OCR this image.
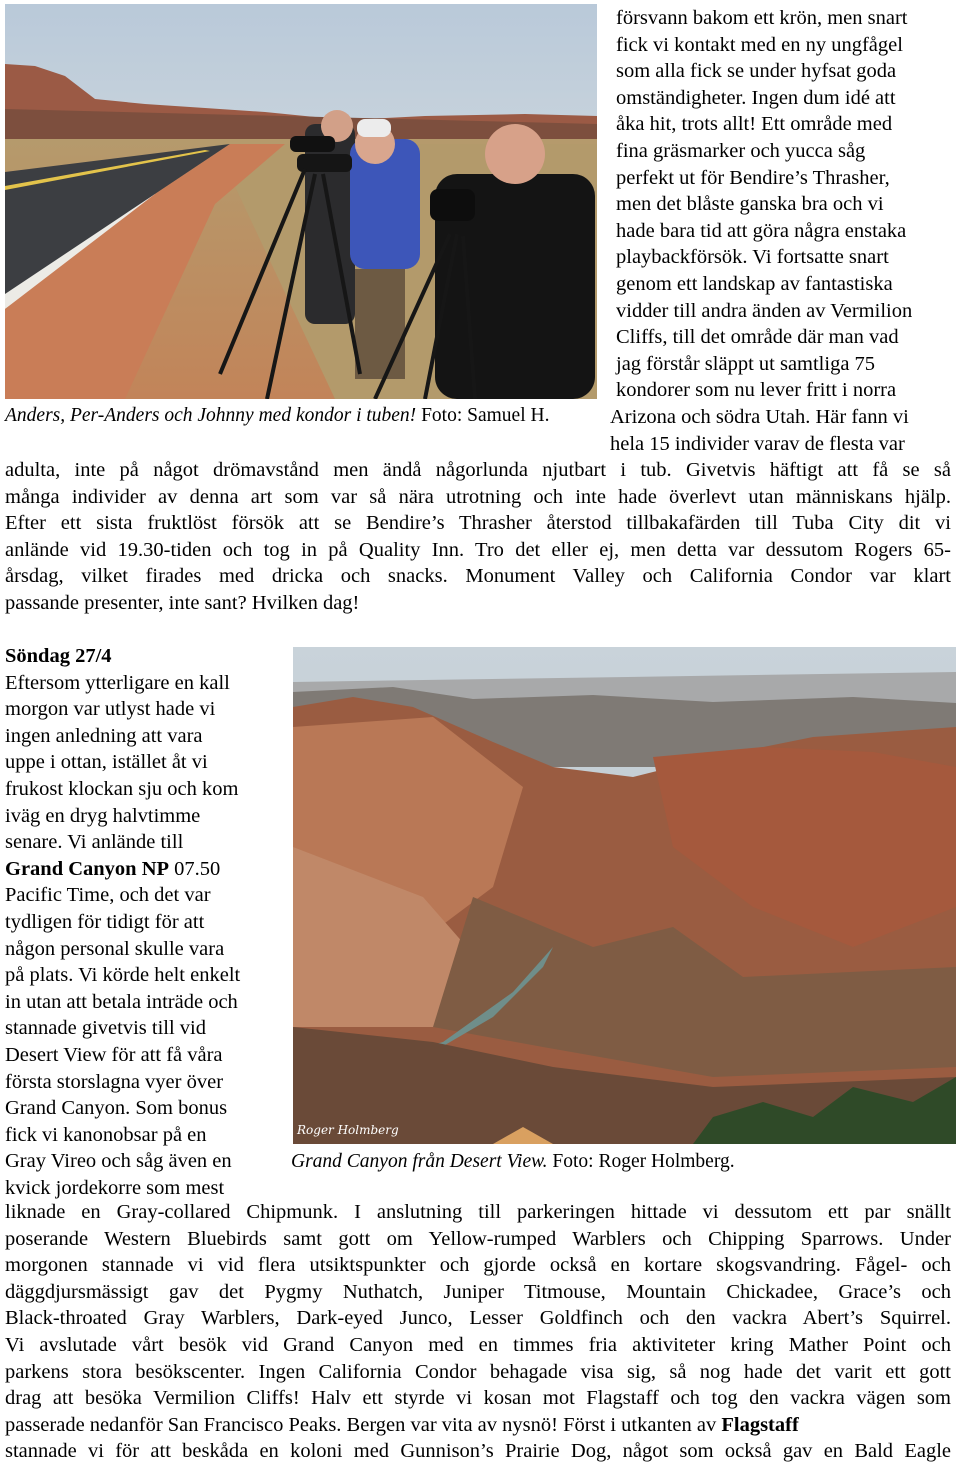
Anders, Per-Anders och Johnny med kondor i tuben! Foto: Samuel H.
försvann bakom ett krön, men snart
fick vi kontakt med en ny ungfågel
som alla fick se under hyfsat goda
omständigheter. Ingen dum idé att
åka hit, trots allt! Ett område med
fina gräsmarker och yucca såg
perfekt ut för Bendire’s Thrasher,
men det blåste ganska bra och vi
hade bara tid att göra några enstaka
playbackförsök. Vi fortsatte snart
genom ett landskap av fantastiska
vidder till andra änden av Vermilion
Cliffs, till det område där man vad
jag förstår släppt ut samtliga 75
kondorer som nu lever fritt i norra
Arizona och södra Utah. Här fann vi
hela 15 individer varav de flesta var
adulta, inte på något drömavstånd men ändå någorlunda njutbart i tub. Givetvis häftigt att få se så
många individer av denna art som var så nära utrotning och inte hade överlevt utan människans hjälp.
Efter ett sista fruktlöst försök att se Bendire’s Thrasher återstod tillbakafärden till Tuba City dit vi
anlände vid 19.30-tiden och tog in på Quality Inn. Tro det eller ej, men detta var dessutom Rogers 65-
årsdag, vilket firades med dricka och snacks. Monument Valley och California Condor var klart
passande presenter, inte sant? Hvilken dag!
Söndag 27/4
Eftersom ytterligare en kall
morgon var utlyst hade vi
ingen anledning att vara
uppe i ottan, istället åt vi
frukost klockan sju och kom
iväg en dryg halvtimme
senare. Vi anlände till
Grand Canyon NP 07.50
Pacific Time, och det var
tydligen för tidigt för att
någon personal skulle vara
på plats. Vi körde helt enkelt
in utan att betala inträde och
stannade givetvis till vid
Desert View för att få våra
första storslagna vyer över
Grand Canyon. Som bonus
fick vi kanonobsar på en
Gray Vireo och såg även en
kvick jordekorre som mest
Roger Holmberg
Grand Canyon från Desert View. Foto: Roger Holmberg.
liknade en Gray-collared Chipmunk. I anslutning till parkeringen hittade vi dessutom ett par snällt
poserande Western Bluebirds samt gott om Yellow-rumped Warblers och Chipping Sparrows. Under
morgonen stannade vi vid flera utsiktspunkter och gjorde också en kortare skogsvandring. Fågel- och
däggdjursmässigt gav det Pygmy Nuthatch, Juniper Titmouse, Mountain Chickadee, Grace’s och
Black-throated Gray Warblers, Dark-eyed Junco, Lesser Goldfinch och den vackra Abert’s Squirrel.
Vi avslutade vårt besök vid Grand Canyon med en timmes fria aktiviteter kring Mather Point och
parkens stora besökscenter. Ingen California Condor behagade visa sig, så nog hade det varit ett gott
drag att besöka Vermilion Cliffs! Halv ett styrde vi kosan mot Flagstaff och tog den vackra vägen som
passerade nedanför San Francisco Peaks. Bergen var vita av nysnö! Först i utkanten av Flagstaff
stannade vi för att beskåda en koloni med Gunnison’s Prairie Dog, något som också gav en Bald Eagle
